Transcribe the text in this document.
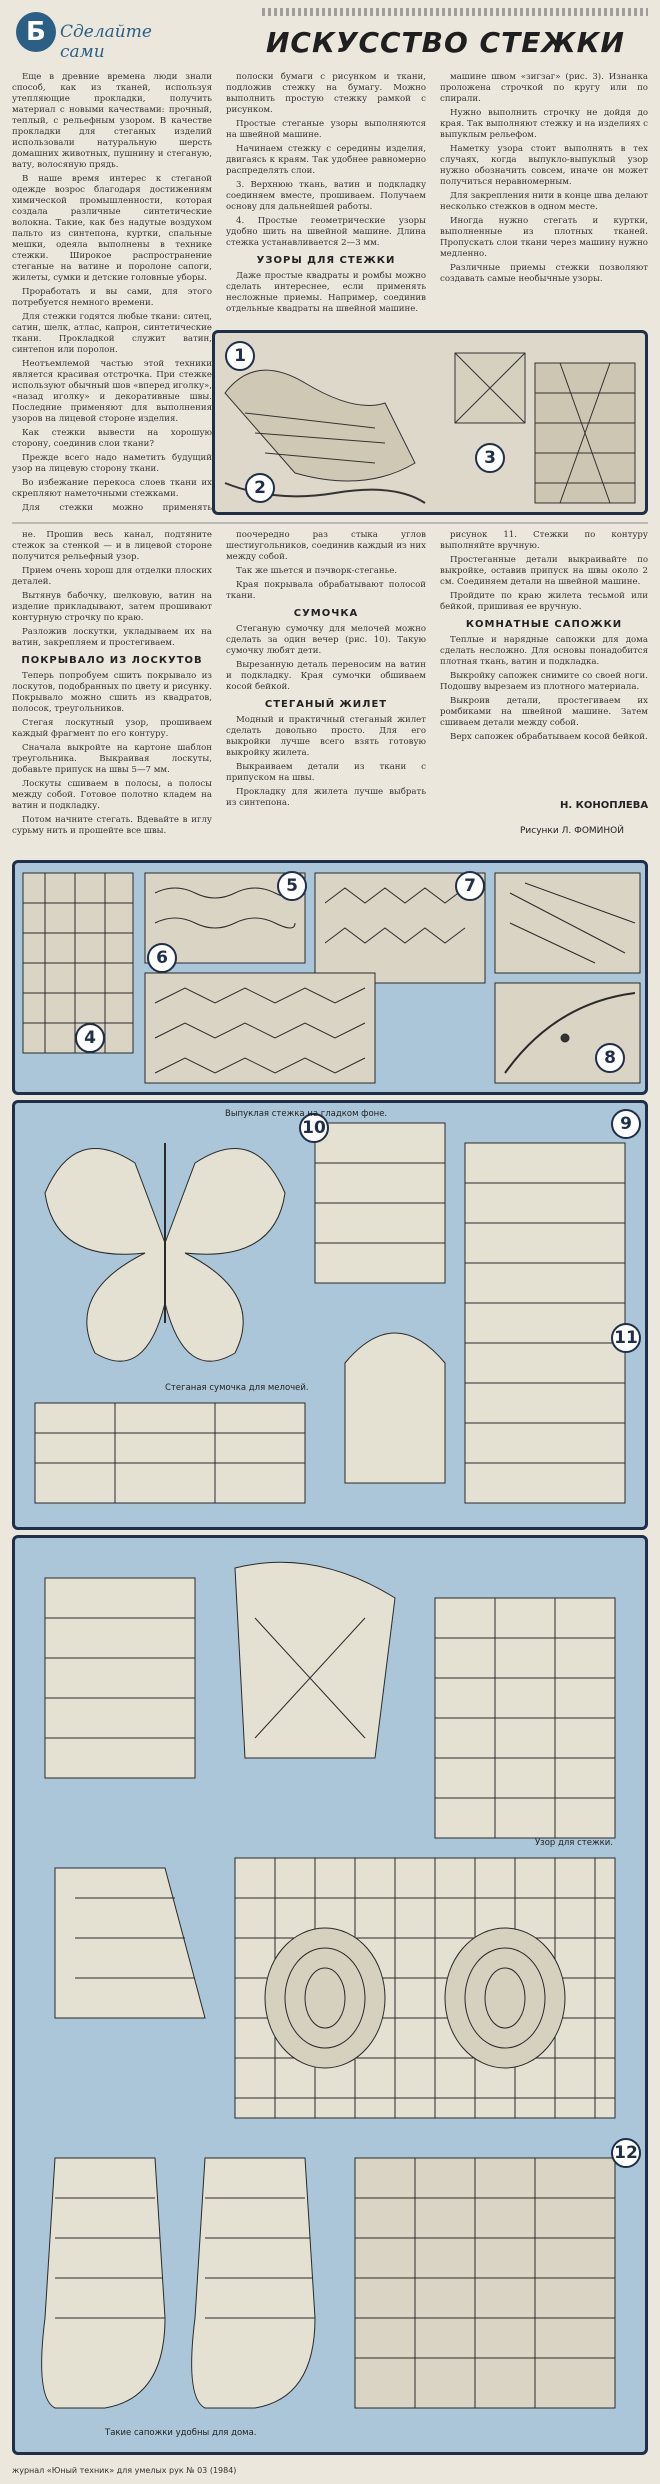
Б Сделайте сами	ИСКУССТВО СТЕЖКИ

Еще в древние времена люди знали способ, как из тканей, используя утепляющие прокладки, получить материал с новыми качествами: прочный, теплый, с рельефным узором. В качестве прокладки для стеганых изделий использовали натуральную шерсть домашних животных, пушнину и стеганую, вату, волосяную прядь.

В наше время интерес к стеганой одежде возрос благодаря достижениям химической промышленности, которая создала различные синтетические волокна. Такие, как без надутые воздухом пальто из синтепона, куртки, спальные мешки, одеяла выполнены в технике стежки. Широкое распространение стеганые на ватине и поролоне сапоги, жилеты, сумки и детские головные уборы.

Проработать и вы сами, для этого потребуется немного времени.

Для стежки годятся любые ткани: ситец, сатин, шелк, атлас, капрон, синтетические ткани. Прокладкой служит ватин, синтепон или поролон.

Неотъемлемой частью этой техники является красивая отстрочка. При стежке используют обычный шов «вперед иголку», «назад иголку» и декоративные швы. Последние применяют для выполнения узоров на лицевой стороне изделия.

Как стежки вывести на хорошую сторону, соединив слои ткани?

Прежде всего надо наметить будущий узор на лицевую сторону ткани.

Во избежание перекоса слоев ткани их скрепляют наметочными стежками.

Для стежки можно применять

полоски бумаги с рисунком и ткани, подложив стежку на бумагу. Можно выполнить простую стежку рамкой с рисунком.

Простые стеганые узоры выполняются на швейной машине.

Начинаем стежку с середины изделия, двигаясь к краям. Так удобнее равномерно распределять слои.

3. Верхнюю ткань, ватин и подкладку соединяем вместе, прошиваем. Получаем основу для дальнейшей работы.

4. Простые геометрические узоры удобно шить на швейной машине. Длина стежка устанавливается 2—3 мм.

УЗОРЫ ДЛЯ СТЕЖКИ

Даже простые квадраты и ромбы можно сделать интереснее, если применять несложные приемы. Например, соединив отдельные квадраты на швейной машине.

машине швом «зигзаг» (рис. 3). Изнанка проложена строчкой по кругу или по спирали.

Нужно выполнить строчку не дойдя до края. Так выполняют стежку и на изделиях с выпуклым рельефом.

Наметку узора стоит выполнять в тех случаях, когда выпукло-выпуклый узор нужно обозначить совсем, иначе он может получиться неравномерным.

Для закрепления нити в конце шва делают несколько стежков в одном месте.

Иногда нужно стегать и куртки, выполненные из плотных тканей. Пропускать слои ткани через машину нужно медленно.

Различные приемы стежки позволяют создавать самые необычные узоры.

1
2
3

не. Прошив весь канал, подтяните стежок за стенкой — и в лицевой стороне получится рельефный узор.

Прием очень хорош для отделки плоских деталей.

Вытянув бабочку, шелковую, ватин на изделие прикладывают, затем прошивают контурную строчку по краю.

Разложив лоскутки, укладываем их на ватин, закрепляем и простегиваем.

ПОКРЫВАЛО ИЗ ЛОСКУТОВ

Теперь попробуем сшить покрывало из лоскутов, подобранных по цвету и рисунку. Покрывало можно сшить из квадратов, полосок, треугольников.

Стегая лоскутный узор, прошиваем каждый фрагмент по его контуру.

Сначала выкройте на картоне шаблон треугольника. Выкраивая лоскуты, добавьте припуск на швы 5—7 мм.

Лоскуты сшиваем в полосы, а полосы между собой. Готовое полотно кладем на ватин и подкладку.

Потом начните стегать. Вдевайте в иглу сурьму нить и прошейте все швы.

поочередно раз стыка углов шестиугольников, соединив каждый из них между собой.

Так же шьется и пэчворк-стеганье.

Края покрывала обрабатывают полосой ткани.

СУМОЧКА

Стеганую сумочку для мелочей можно сделать за один вечер (рис. 10). Такую сумочку любят дети.

Вырезанную деталь переносим на ватин и подкладку. Края сумочки обшиваем косой бейкой.

СТЕГАНЫЙ ЖИЛЕТ

Модный и практичный стеганый жилет сделать довольно просто. Для его выкройки лучше всего взять готовую выкройку жилета.

Выкраиваем детали из ткани с припуском на швы.

Прокладку для жилета лучше выбрать из синтепона.

рисунок 11. Стежки по контуру выполняйте вручную.

Простеганные детали выкраивайте по выкройке, оставив припуск на швы около 2 см. Соединяем детали на швейной машине.

Пройдите по краю жилета тесьмой или бейкой, пришивая ее вручную.

КОМНАТНЫЕ САПОЖКИ

Теплые и нарядные сапожки для дома сделать несложно. Для основы понадобится плотная ткань, ватин и подкладка.

Выкройку сапожек снимите со своей ноги. Подошву вырезаем из плотного материала.

Выкроив детали, простегиваем их ромбиками на швейной машине. Затем сшиваем детали между собой.

Верх сапожек обрабатываем косой бейкой.

Н. КОНОПЛЕВА
Рисунки Л. ФОМИНОЙ
4
5
6
7
8
9
10
11
Выпуклая стежка на гладком фоне.
Стеганая сумочка для мелочей.
12
Узор для стежки.
Такие сапожки удобны для дома.
журнал «Юный техник» для умелых рук № 03 (1984)
